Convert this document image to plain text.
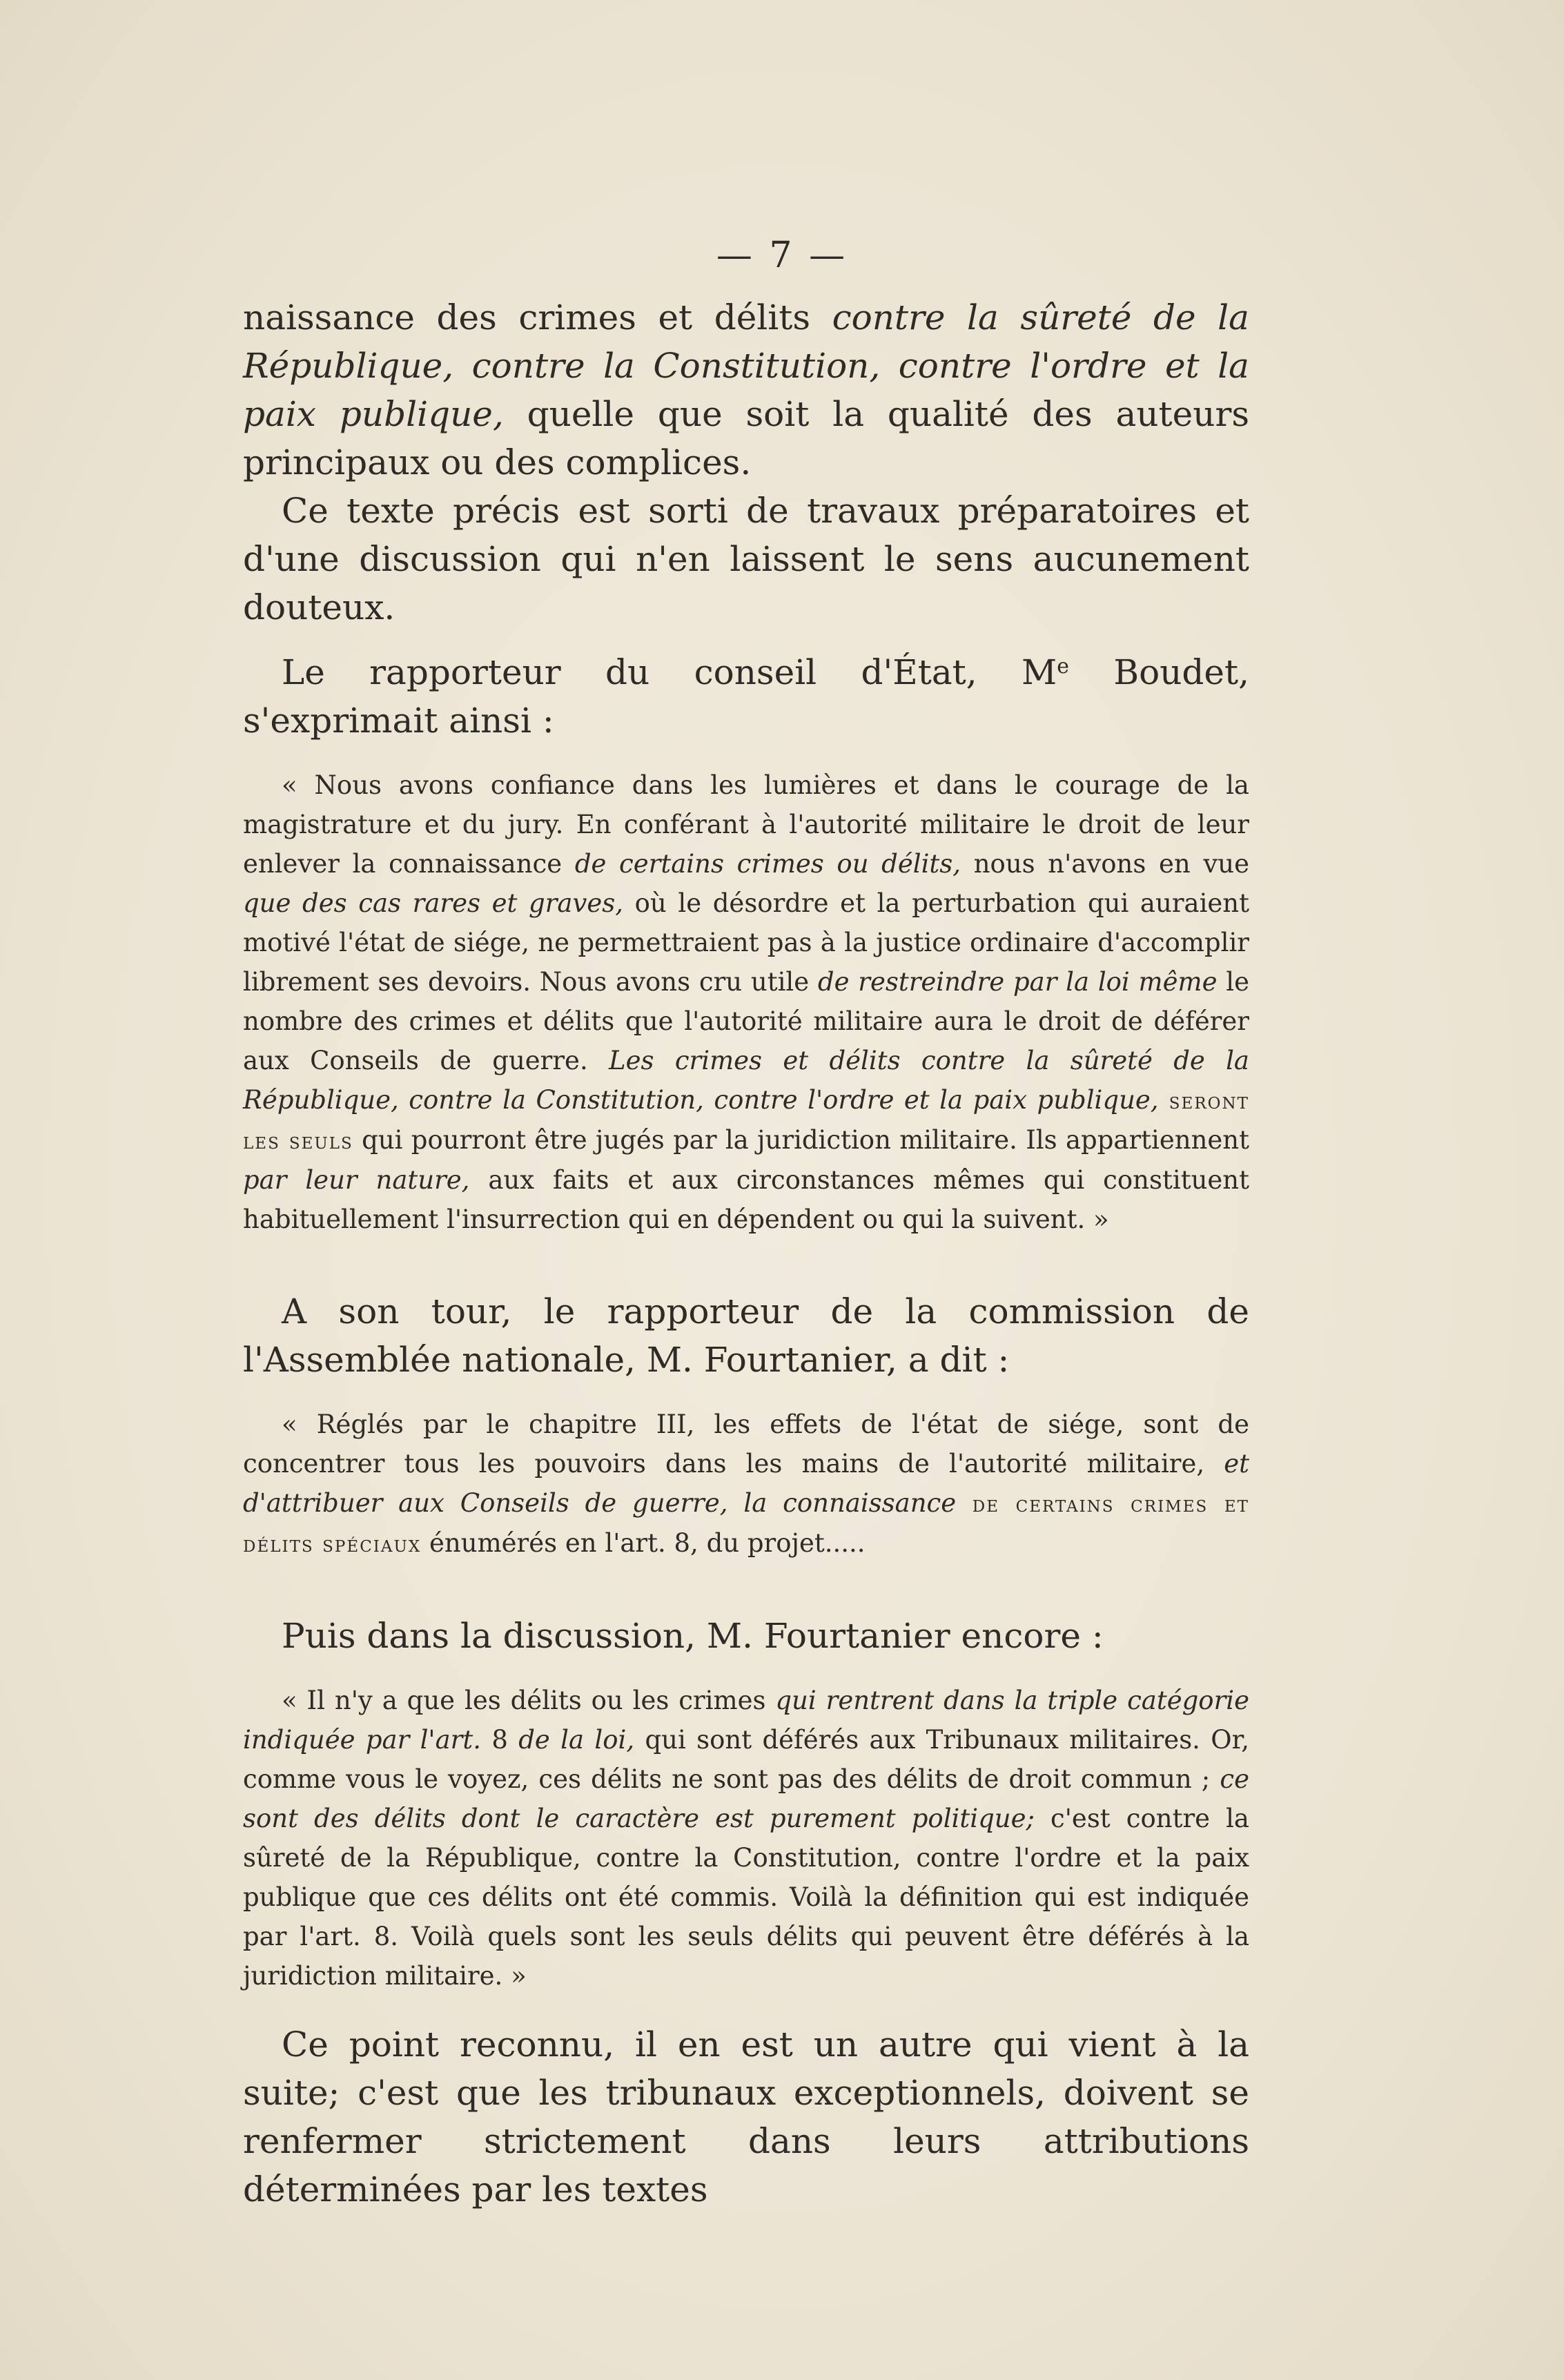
— 7 —

naissance des crimes et délits contre la sûreté de la République, contre la Constitution, contre l'ordre et la paix publique, quelle que soit la qualité des auteurs principaux ou des complices.

Ce texte précis est sorti de travaux préparatoires et d'une discussion qui n'en laissent le sens aucunement douteux.

Le rapporteur du conseil d'État, Me Boudet, s'exprimait ainsi :

« Nous avons confiance dans les lumières et dans le courage de la magistrature et du jury. En conférant à l'autorité militaire le droit de leur enlever la connaissance de certains crimes ou délits, nous n'avons en vue que des cas rares et graves, où le désordre et la perturbation qui auraient motivé l'état de siége, ne permettraient pas à la justice ordinaire d'accomplir librement ses devoirs. Nous avons cru utile de restreindre par la loi même le nombre des crimes et délits que l'autorité militaire aura le droit de déférer aux Conseils de guerre. Les crimes et délits contre la sûreté de la République, contre la Constitution, contre l'ordre et la paix publique, seront les seuls qui pourront être jugés par la juridiction militaire. Ils appartiennent par leur nature, aux faits et aux circonstances mêmes qui constituent habituellement l'insurrection qui en dépendent ou qui la suivent. »

A son tour, le rapporteur de la commission de l'Assemblée nationale, M. Fourtanier, a dit :

« Réglés par le chapitre III, les effets de l'état de siége, sont de concentrer tous les pouvoirs dans les mains de l'autorité militaire, et d'attribuer aux Conseils de guerre, la connaissance de certains crimes et délits spéciaux énumérés en l'art. 8, du projet.....

Puis dans la discussion, M. Fourtanier encore :

« Il n'y a que les délits ou les crimes qui rentrent dans la triple catégorie indiquée par l'art. 8 de la loi, qui sont déférés aux Tribunaux militaires. Or, comme vous le voyez, ces délits ne sont pas des délits de droit commun ; ce sont des délits dont le caractère est purement politique; c'est contre la sûreté de la République, contre la Constitution, contre l'ordre et la paix publique que ces délits ont été commis. Voilà la définition qui est indiquée par l'art. 8. Voilà quels sont les seuls délits qui peuvent être déférés à la juridiction militaire. »

Ce point reconnu, il en est un autre qui vient à la suite; c'est que les tribunaux exceptionnels, doivent se renfermer strictement dans leurs attributions déterminées par les textes
